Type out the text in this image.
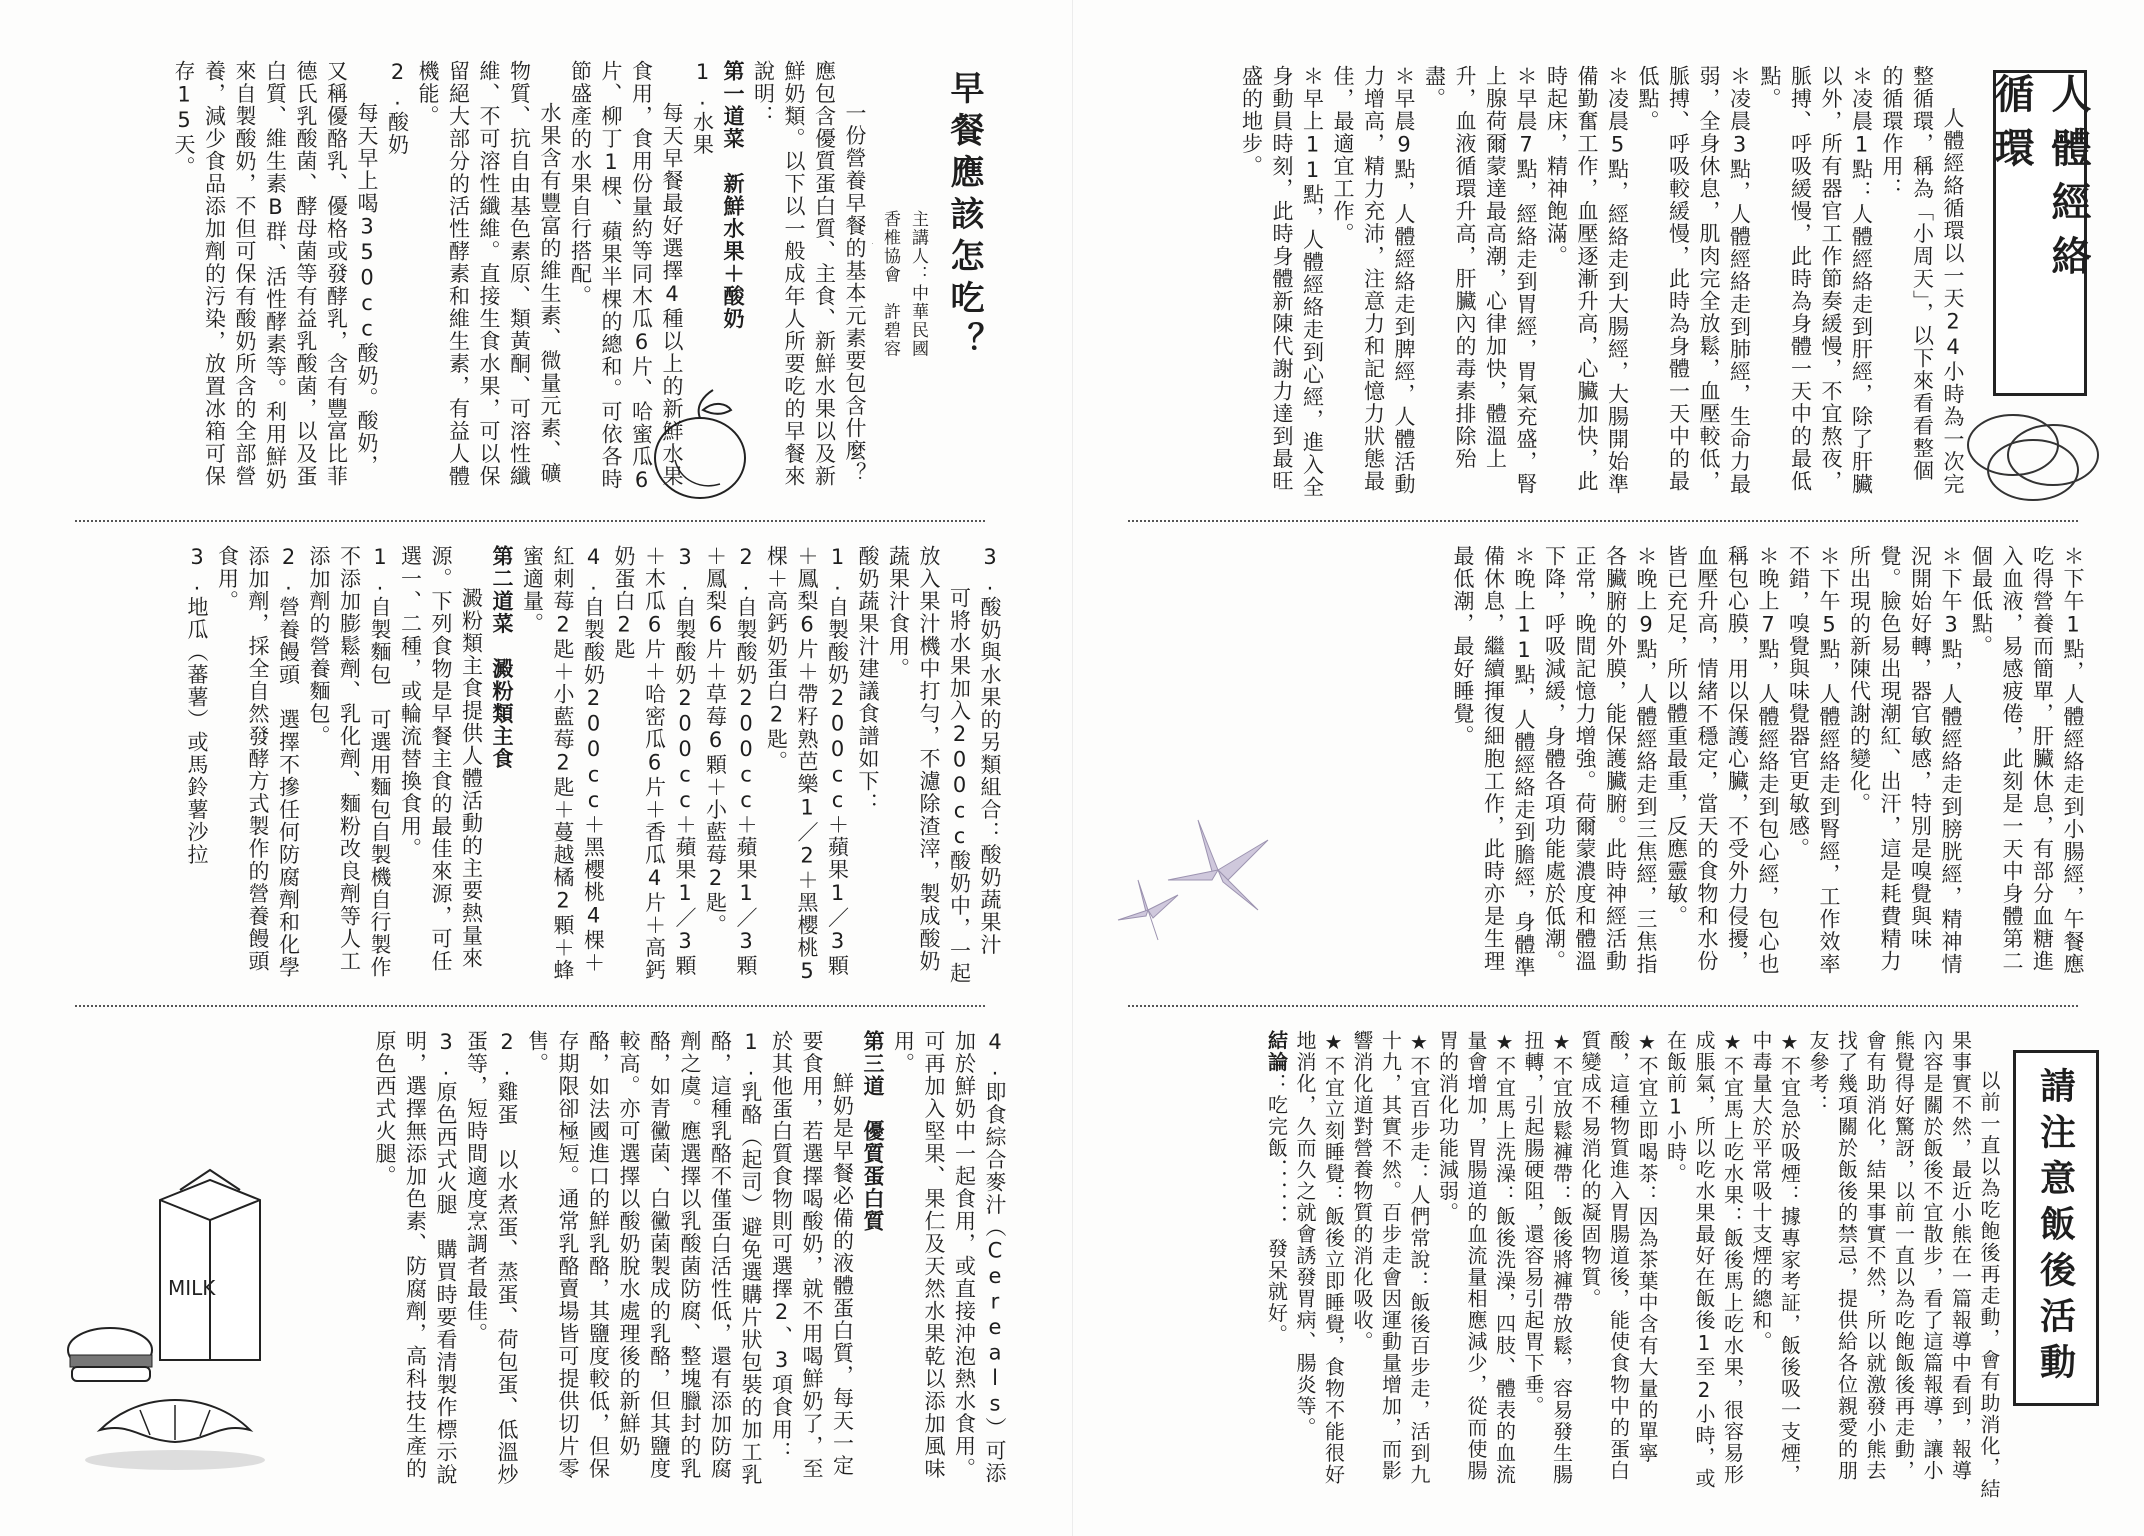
早餐應該怎吃？
主講人：中華民國香椎協會　許碧容
一份營養早餐的基本元素要包含什麼？應包含優質蛋白質、主食、新鮮水果以及新鮮奶類。以下以一般成年人所要吃的早餐來說明：
第一道菜　新鮮水果＋酸奶
1.水果
每天早餐最好選擇4種以上的新鮮水果食用，食用份量約等同木瓜6片、哈蜜瓜6片、柳丁1棵、蘋果半棵的總和。可依各時節盛產的水果自行搭配。
水果含有豐富的維生素、微量元素、礦物質、抗自由基色素原、類黃酮、可溶性纖維、不可溶性纖維。直接生食水果，可以保留絕大部分的活性酵素和維生素，有益人體機能。
2.酸奶
每天早上喝350cc酸奶。酸奶，又稱優酪乳、優格或發酵乳，含有豐富比菲德氏乳酸菌、酵母菌等有益乳酸菌，以及蛋白質、維生素B群、活性酵素等。利用鮮奶來自製酸奶，不但可保有酸奶所含的全部營養，減少食品添加劑的污染，放置冰箱可保存15天。
3.酸奶與水果的另類組合：酸奶蔬果汁
可將水果加入200cc酸奶中，一起放入果汁機中打勻，不濾除渣滓，製成酸奶蔬果汁食用。
酸奶蔬果汁建議食譜如下：
1.自製酸奶200cc＋蘋果1／3顆＋鳳梨6片＋帶籽熟芭樂1／2＋黑櫻桃5棵＋高鈣奶蛋白2匙。
2.自製酸奶200cc＋蘋果1／3顆＋鳳梨6片＋草莓6顆＋小藍莓2匙。
3.自製酸奶200cc＋蘋果1／3顆＋木瓜6片＋哈密瓜6片＋香瓜4片＋高鈣奶蛋白2匙
4.自製酸奶200cc＋黑櫻桃4棵＋紅刺莓2匙＋小藍莓2匙＋蔓越橘2顆＋蜂蜜適量。
第二道菜　澱粉類主食
澱粉類主食提供人體活動的主要熱量來源。下列食物是早餐主食的最佳來源，可任選一、二種，或輪流替換食用。
1.自製麵包　可選用麵包自製機自行製作不添加膨鬆劑、乳化劑、麵粉改良劑等人工添加劑的營養麵包。
2.營養饅頭　選擇不摻任何防腐劑和化學添加劑，採全自然發酵方式製作的營養饅頭食用。
3.地瓜（蕃薯）或馬鈴薯沙拉
4.即食綜合麥汁（Cereals）可添加於鮮奶中一起食用，或直接沖泡熱水食用。可再加入堅果、果仁及天然水果乾以添加風味用。
第三道　優質蛋白質
鮮奶是早餐必備的液體蛋白質，每天一定要食用，若選擇喝酸奶，就不用喝鮮奶了，至於其他蛋白質食物則可選擇2、3項食用：
1.乳酪（起司）避免選購片狀包裝的加工乳酪，這種乳酪不僅蛋白活性低，還有添加防腐劑之虞。應選擇以乳酸菌防腐、整塊臘封的乳酪，如青黴菌、白黴菌製成的乳酪，但其鹽度較高。亦可選擇以酸奶脫水處理後的新鮮奶酪，如法國進口的鮮乳酪，其鹽度較低，但保存期限卻極短。通常乳酪賣場皆可提供切片零售。
2.雞蛋　以水煮蛋、蒸蛋、荷包蛋、低溫炒蛋等，短時間適度烹調者最佳。
3.原色西式火腿　購買時要看清製作標示說明，選擇無添加色素、防腐劑，高科技生產的原色西式火腿。
MILK
人體經絡　循環
人體經絡循環以一天24小時為一次完整循環，稱為「小周天」，以下來看看整個的循環作用：
＊凌晨1點：人體經絡走到肝經，除了肝臟以外，所有器官工作節奏緩慢，不宜熬夜，脈搏、呼吸緩慢，此時為身體一天中的最低點。
＊凌晨3點，人體經絡走到肺經，生命力最弱，全身休息，肌肉完全放鬆，血壓較低，脈搏、呼吸較緩慢，此時為身體一天中的最低點。
＊凌晨5點，經絡走到大腸經，大腸開始準備勤奮工作，血壓逐漸升高，心臟加快，此時起床，精神飽滿。
＊早晨7點，經絡走到胃經，胃氣充盛，腎上腺荷爾蒙達最高潮，心律加快，體溫上升，血液循環升高，肝臟內的毒素排除殆盡。
＊早晨9點，人體經絡走到脾經，人體活動力增高，精力充沛，注意力和記憶力狀態最佳，最適宜工作。
＊早上11點，人體經絡走到心經，進入全身動員時刻，此時身體新陳代謝力達到最旺盛的地步。
＊下午1點，人體經絡走到小腸經，午餐應吃得營養而簡單，肝臟休息，有部分血糖進入血液，易感疲倦，此刻是一天中身體第二個最低點。
＊下午3點，人體經絡走到膀胱經，精神情況開始好轉，器官敏感，特別是嗅覺與味覺。臉色易出現潮紅、出汗，這是耗費精力所出現的新陳代謝的變化。
＊下午5點，人體經絡走到腎經，工作效率不錯，嗅覺與味覺器官更敏感。
＊晚上7點，人體經絡走到包心經，包心也稱包心膜，用以保護心臟，不受外力侵擾，血壓升高，情緒不穩定，當天的食物和水份皆已充足，所以體重最重，反應靈敏。
＊晚上9點，人體經絡走到三焦經，三焦指各臟腑的外膜，能保護臟腑。此時神經活動正常，晚間記憶力增強。荷爾蒙濃度和體溫下降，呼吸減緩，身體各項功能處於低潮。
＊晚上11點，人體經絡走到膽經，身體準備休息，繼續揮復細胞工作，此時亦是生理最低潮，最好睡覺。
請注意飯後活動
以前一直以為吃飽後再走動，會有助消化，結果事實不然，最近小熊在一篇報導中看到，報導內容是關於飯後不宜散步，看了這篇報導，讓小熊覺得好驚訝，以前一直以為吃飽飯後再走動，會有助消化，結果事實不然，所以就激發小熊去找了幾項關於飯後的禁忌，提供給各位親愛的朋友參考：
★不宜急於吸煙：據專家考証，飯後吸一支煙，中毒量大於平常吸十支煙的總和。
★不宜馬上吃水果：飯後馬上吃水果，很容易形成脹氣，所以吃水果最好在飯後1至2小時，或在飯前1小時。
★不宜立即喝茶：因為茶葉中含有大量的單寧酸，這種物質進入胃腸道後，能使食物中的蛋白質變成不易消化的凝固物質。
★不宜放鬆褲帶：飯後將褲帶放鬆，容易發生腸扭轉，引起腸硬阻，還容易引起胃下垂。
★不宜馬上洗澡：飯後洗澡，四肢、體表的血流量會增加，胃腸道的血流量相應減少，從而使腸胃的消化功能減弱。
★不宜百步走：人們常說：飯後百步走，活到九十九，其實不然。百步走會因運動量增加，而影響消化道對營養物質的消化吸收。
★不宜立刻睡覺：飯後立即睡覺，食物不能很好地消化，久而久之就會誘發胃病、腸炎等。
結論：吃完飯．．．．．．發呆就好。
